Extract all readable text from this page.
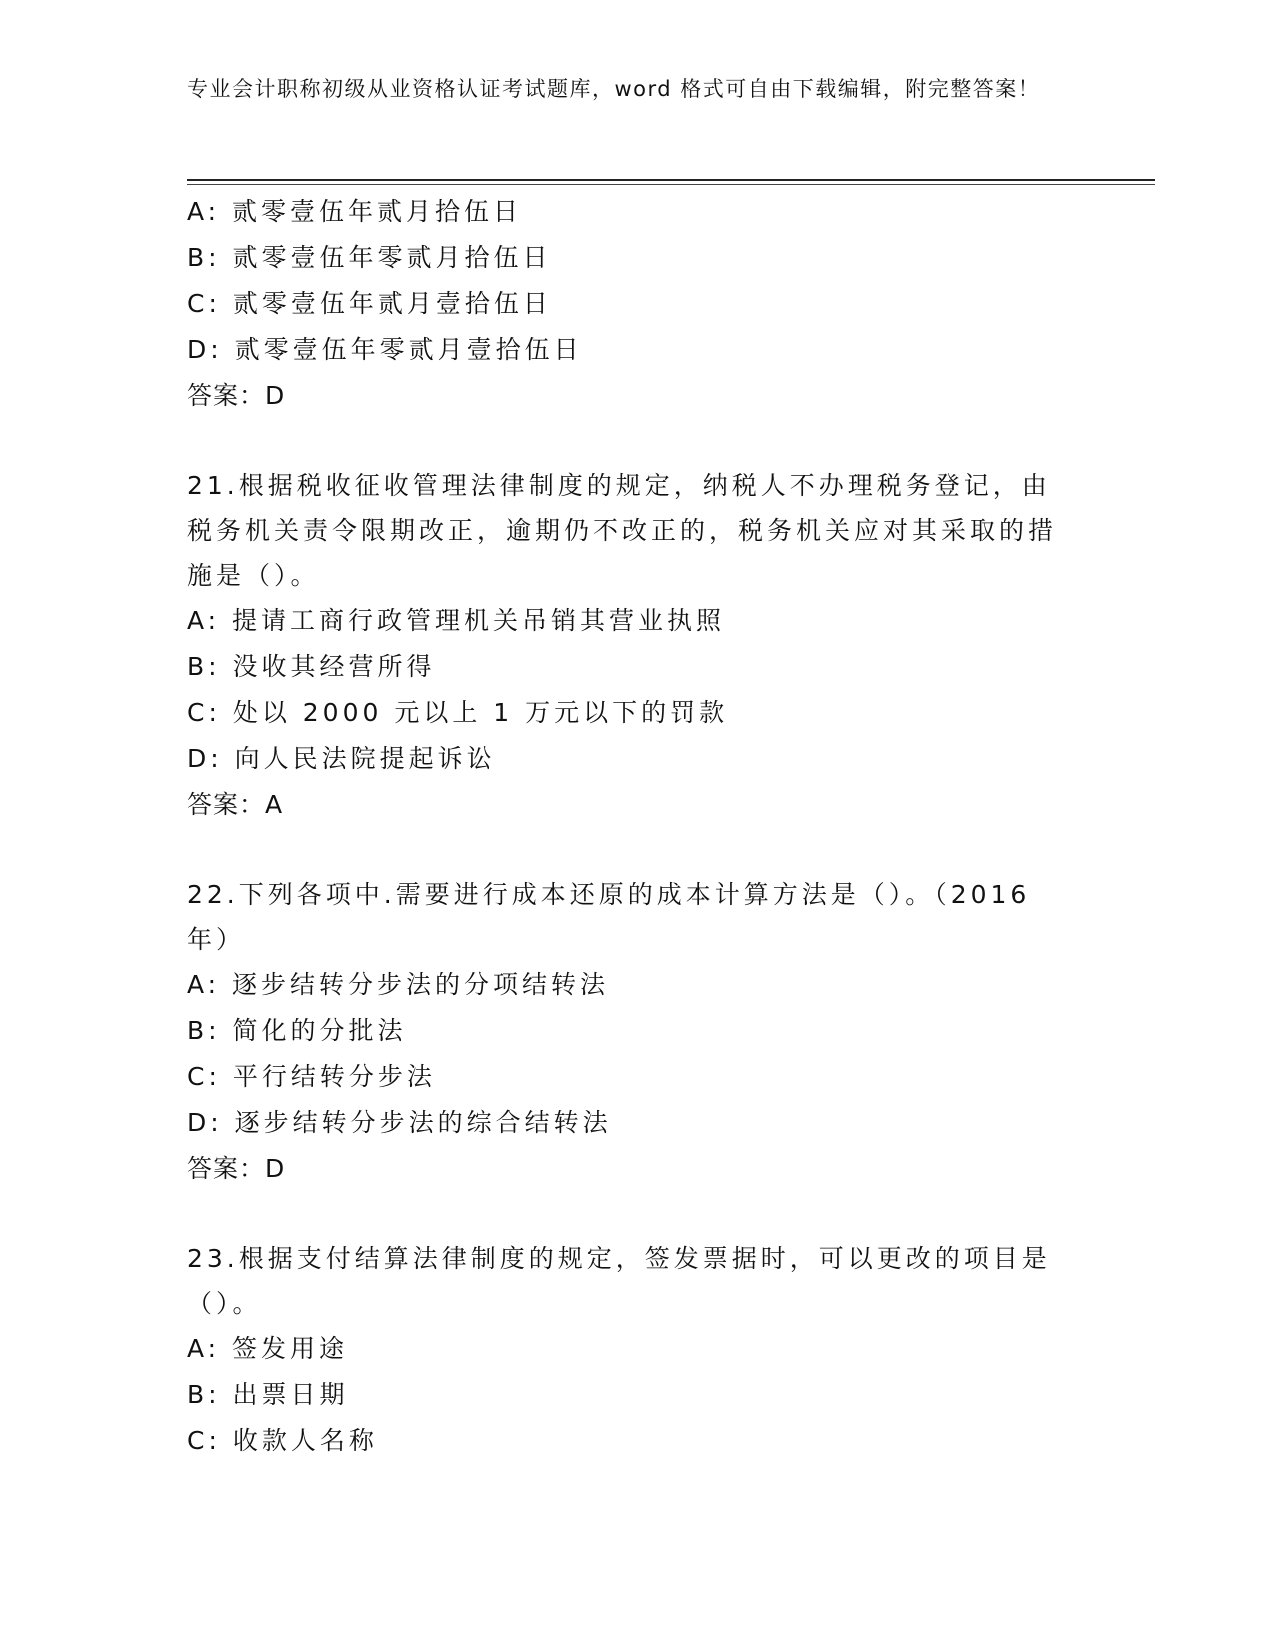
专业会计职称初级从业资格认证考试题库，word 格式可自由下载编辑，附完整答案！
A: 贰零壹伍年贰月拾伍日
B: 贰零壹伍年零贰月拾伍日
C: 贰零壹伍年贰月壹拾伍日
D: 贰零壹伍年零贰月壹拾伍日
答案：D
21.根据税收征收管理法律制度的规定，纳税人不办理税务登记，由税务机关责令限期改正，逾期仍不改正的，税务机关应对其采取的措施是（）。
A: 提请工商行政管理机关吊销其营业执照
B: 没收其经营所得
C: 处以 2000 元以上 1 万元以下的罚款
D: 向人民法院提起诉讼
答案：A
22.下列各项中.需要进行成本还原的成本计算方法是（）。（2016 年）
A: 逐步结转分步法的分项结转法
B: 简化的分批法
C: 平行结转分步法
D: 逐步结转分步法的综合结转法
答案：D
23.根据支付结算法律制度的规定，签发票据时，可以更改的项目是（）。
A: 签发用途
B: 出票日期
C: 收款人名称
